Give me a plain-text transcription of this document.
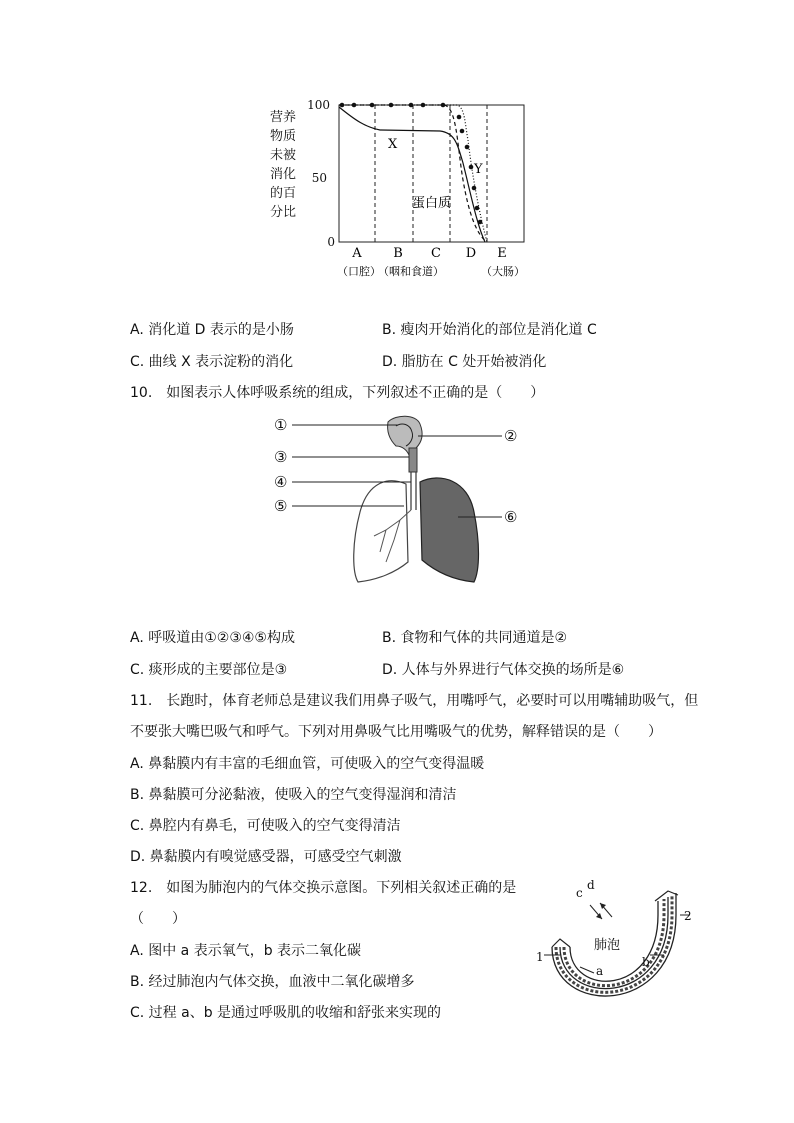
营养
物质
未被
消化
的百
分比
100
50
0
X
Y
蛋白质
A B C D E
（口腔）
（咽和食道）	（大肠）
A. 消化道 D 表示的是小肠	B. 瘦肉开始消化的部位是消化道 C
C. 曲线 X 表示淀粉的消化	D. 脂肪在 C 处开始被消化
10.　如图表示人体呼吸系统的组成，下列叙述不正确的是（　　）
①
②
③
④
⑤
⑥
A. 呼吸道由①②③④⑤构成	B. 食物和气体的共同通道是②
C. 痰形成的主要部位是③	D. 人体与外界进行气体交换的场所是⑥
11.　长跑时，体育老师总是建议我们用鼻子吸气，用嘴呼气，必要时可以用嘴辅助吸气，但
不要张大嘴巴吸气和呼气。下列对用鼻吸气比用嘴吸气的优势，解释错误的是（　　）
A. 鼻黏膜内有丰富的毛细血管，可使吸入的空气变得温暖
B. 鼻黏膜可分泌黏液，使吸入的空气变得湿润和清洁
C. 鼻腔内有鼻毛，可使吸入的空气变得清洁
D. 鼻黏膜内有嗅觉感受器，可感受空气刺激
12.　如图为肺泡内的气体交换示意图。下列相关叙述正确的是
（　　）
A. 图中 a 表示氧气，b 表示二氧化碳
B. 经过肺泡内气体交换，血液中二氧化碳增多
C. 过程 a、b 是通过呼吸肌的收缩和舒张来实现的
肺泡
a
b
c
d
1
2
